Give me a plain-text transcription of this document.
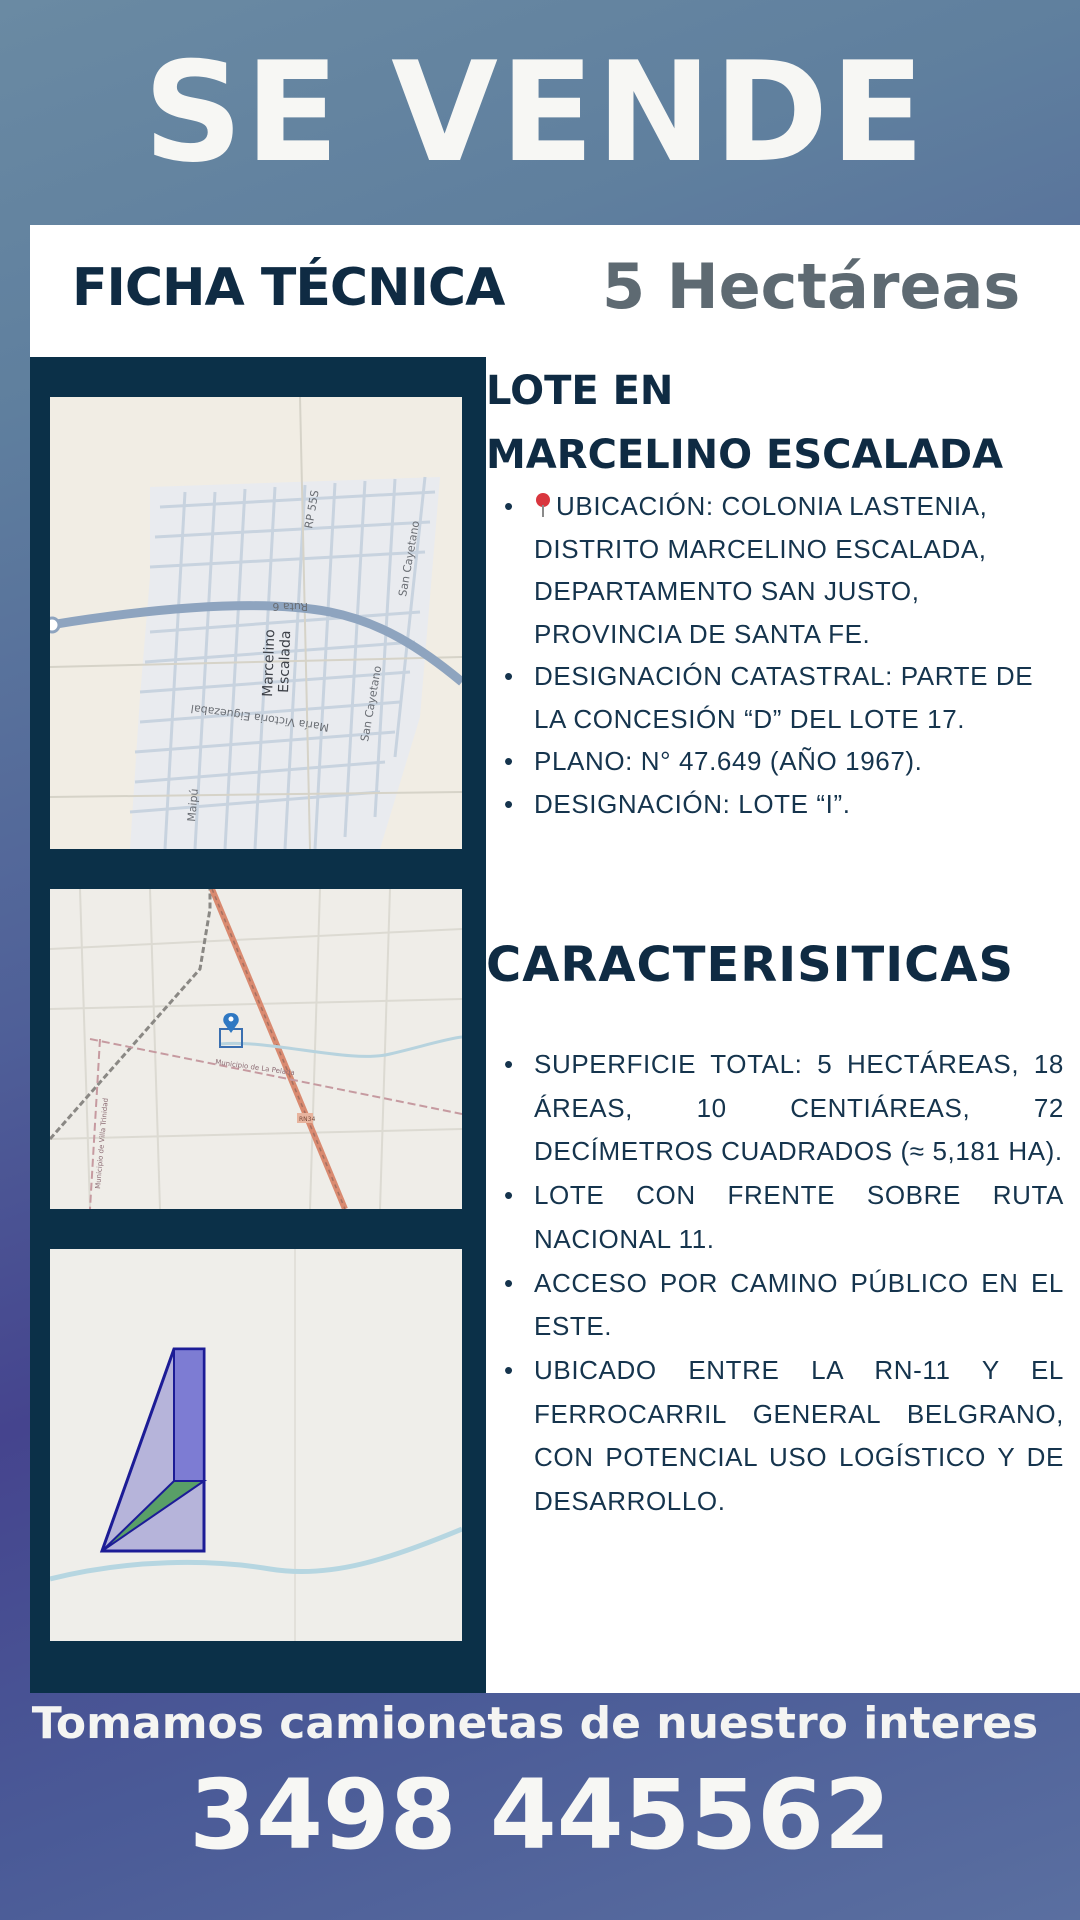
SE VENDE
FICHA TÉCNICA 5 Hectáreas
RP 55S
Ruta 6
San Cayetano
Marcelino
Escalada
María Victoria Eiguezabal	San Cayetano
Maipú
Municipio de La Pelada
RN34
Municipio de Villa Trinidad
LOTE EN
MARCELINO ESCALADA
• UBICACIÓN: COLONIA LASTENIA, DISTRITO MARCELINO ESCALADA, DEPARTAMENTO SAN JUSTO, PROVINCIA DE SANTA FE.
• DESIGNACIÓN CATASTRAL: PARTE DE LA CONCESIÓN “D” DEL LOTE 17.
• PLANO: N° 47.649 (AÑO 1967).
• DESIGNACIÓN: LOTE “I”.
CARACTERISITICAS
• SUPERFICIE TOTAL: 5 HECTÁREAS, 18 ÁREAS, 10 CENTIÁREAS, 72 DECÍMETROS CUADRADOS (≈ 5,181 HA).
• LOTE CON FRENTE SOBRE RUTA NACIONAL 11.
• ACCESO POR CAMINO PÚBLICO EN EL ESTE.
• UBICADO ENTRE LA RN-11 Y EL FERROCARRIL GENERAL BELGRANO, CON POTENCIAL USO LOGÍSTICO Y DE DESARROLLO.
Tomamos camionetas de nuestro interes
3498 445562
